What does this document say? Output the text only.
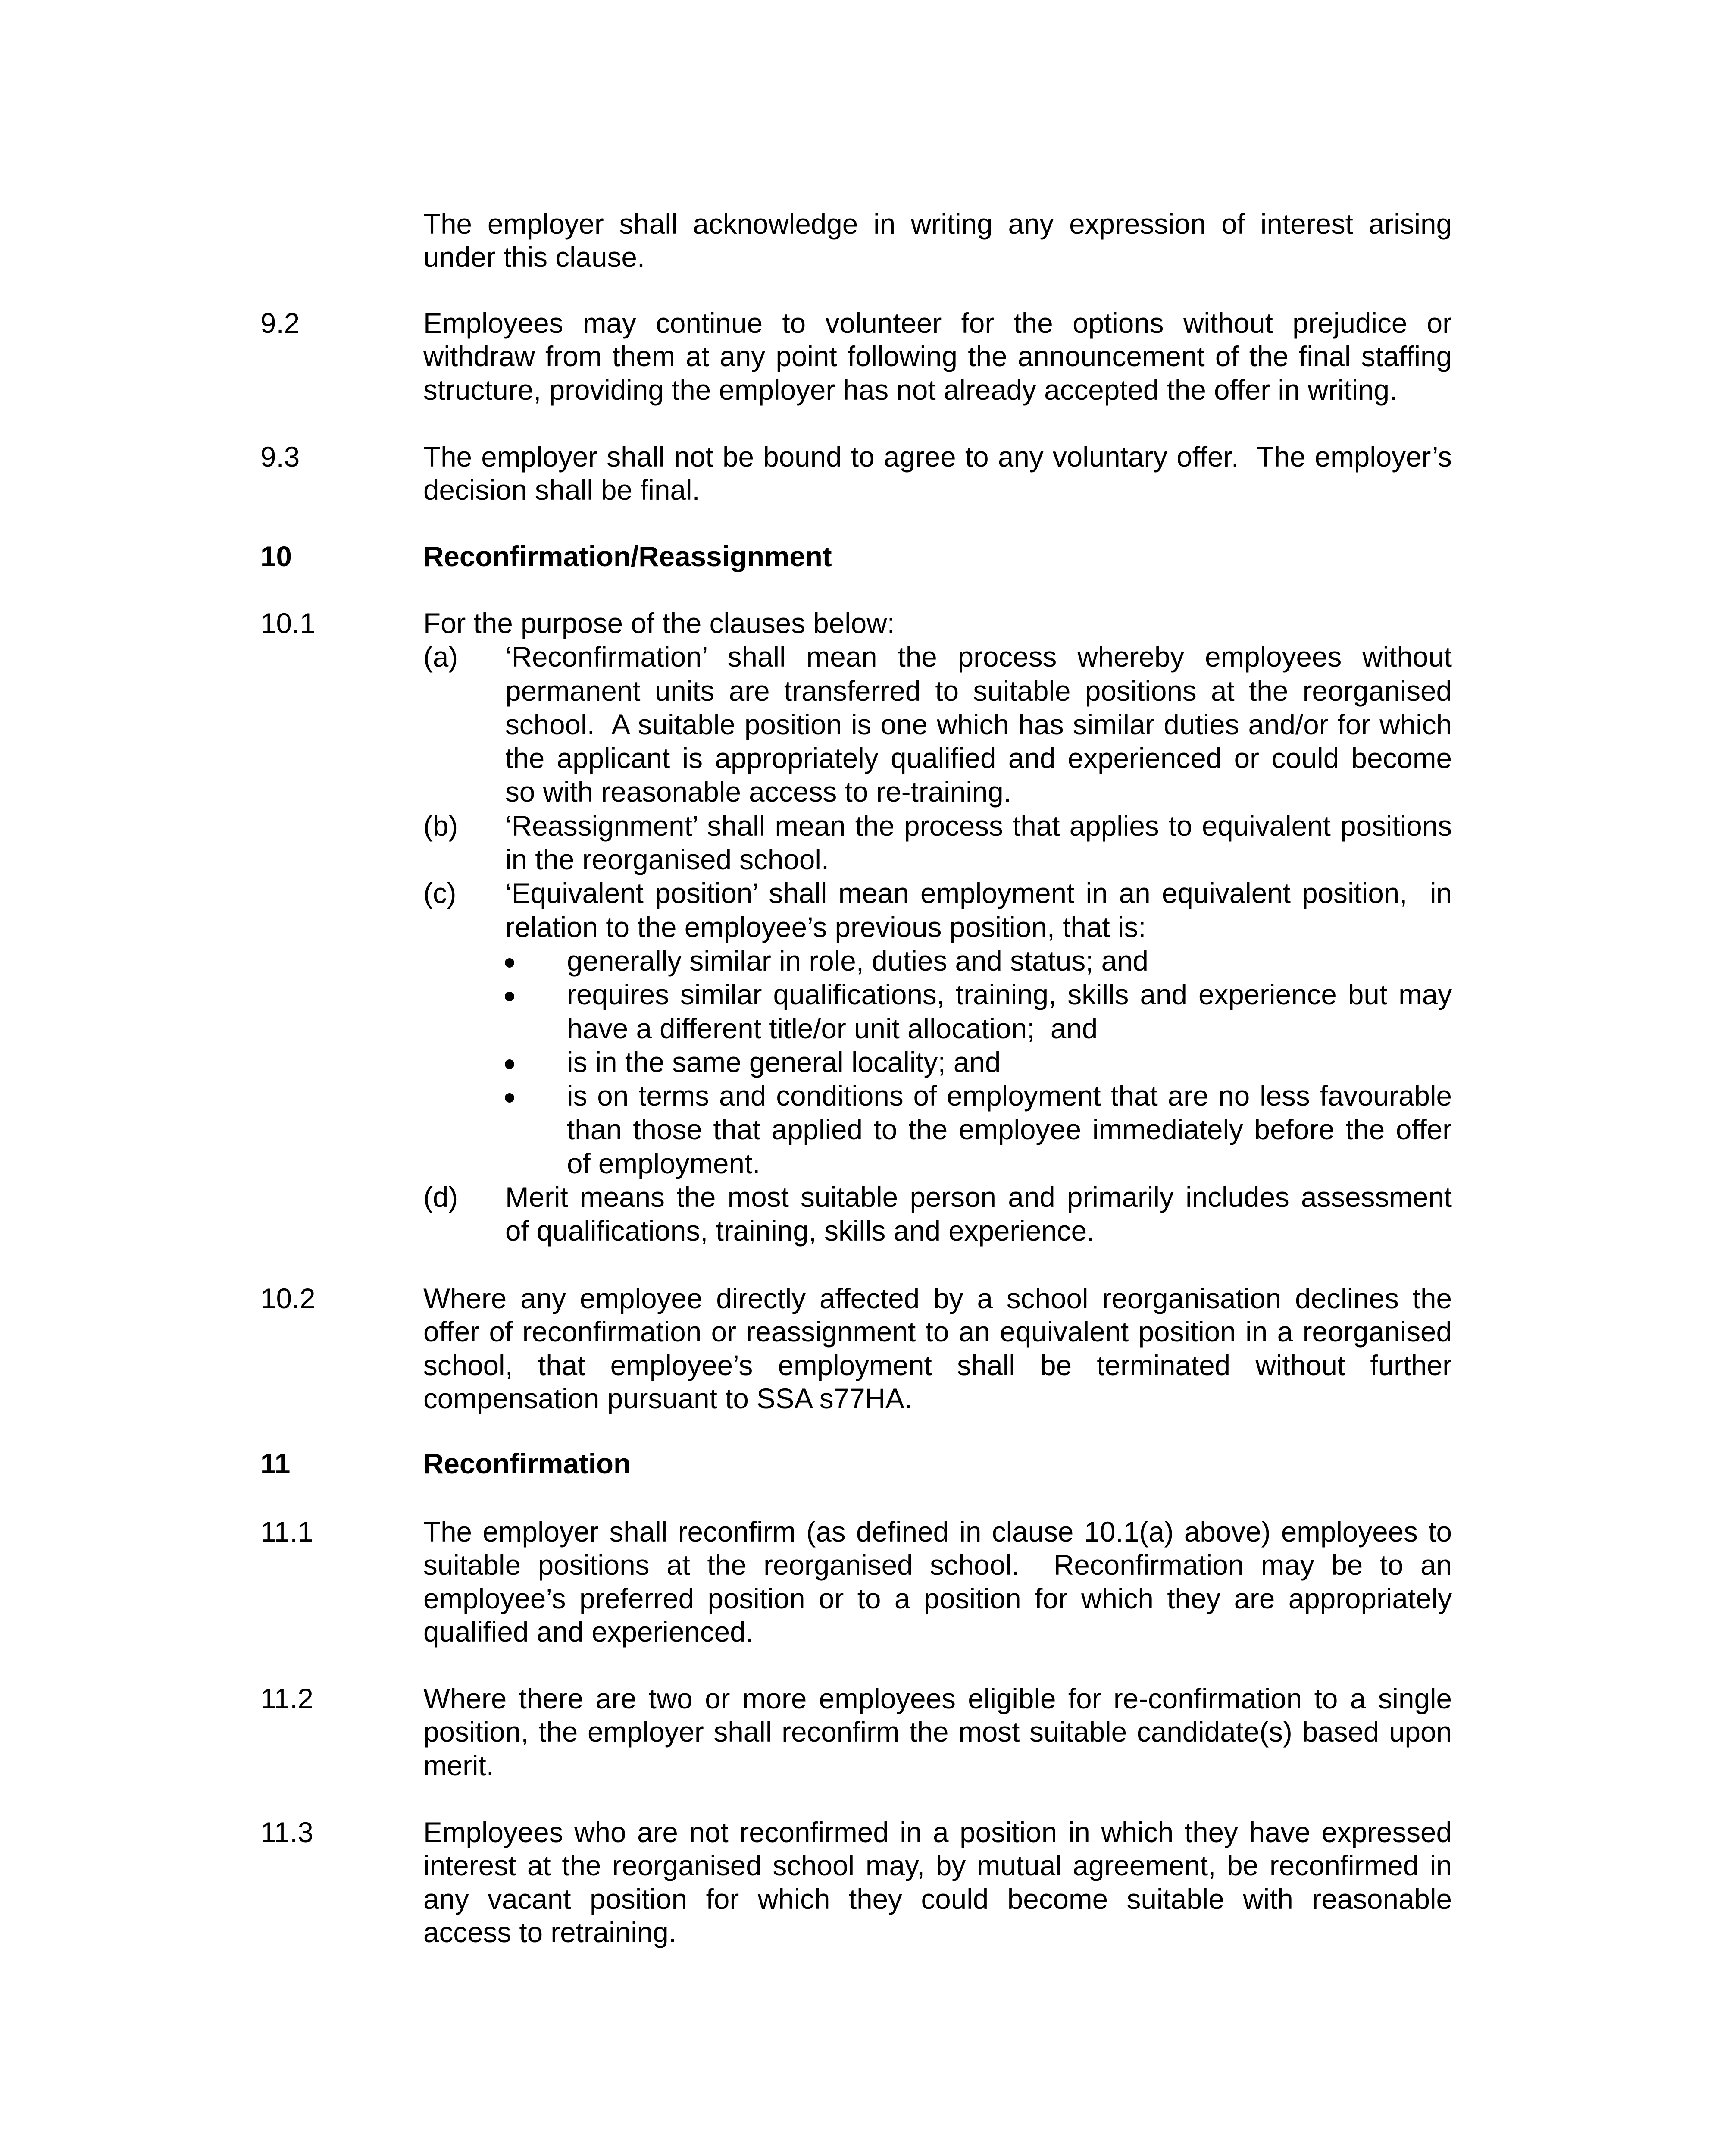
The employer shall acknowledge in writing any expression of interest arising
under this clause.
9.2	Employees may continue to volunteer for the options without prejudice or
withdraw from them at any point following the announcement of the final staffing
structure, providing the employer has not already accepted the offer in writing.
9.3	The employer shall not be bound to agree to any voluntary offer.  The employer’s
decision shall be final.
10	Reconfirmation/Reassignment
10.1	For the purpose of the clauses below:
(a) ‘Reconfirmation’ shall mean the process whereby employees without
permanent units are transferred to suitable positions at the reorganised
school.  A suitable position is one which has similar duties and/or for which
the applicant is appropriately qualified and experienced or could become
so with reasonable access to re-training.
(b) ‘Reassignment’ shall mean the process that applies to equivalent positions
in the reorganised school.
(c) ‘Equivalent position’ shall mean employment in an equivalent position,  in
relation to the employee’s previous position, that is:
generally similar in role, duties and status; and
requires similar qualifications, training, skills and experience but may
have a different title/or unit allocation;  and
is in the same general locality; and
is on terms and conditions of employment that are no less favourable
than those that applied to the employee immediately before the offer
of employment.
(d) Merit means the most suitable person and primarily includes assessment
of qualifications, training, skills and experience.
10.2	Where any employee directly affected by a school reorganisation declines the
offer of reconfirmation or reassignment to an equivalent position in a reorganised
school, that employee’s employment shall be terminated without further
compensation pursuant to SSA s77HA.
11	Reconfirmation
11.1	The employer shall reconfirm (as defined in clause 10.1(a) above) employees to
suitable positions at the reorganised school.  Reconfirmation may be to an
employee’s preferred position or to a position for which they are appropriately
qualified and experienced.
11.2	Where there are two or more employees eligible for re-confirmation to a single
position, the employer shall reconfirm the most suitable candidate(s) based upon
merit.
11.3	Employees who are not reconfirmed in a position in which they have expressed
interest at the reorganised school may, by mutual agreement, be reconfirmed in
any vacant position for which they could become suitable with reasonable
access to retraining.
